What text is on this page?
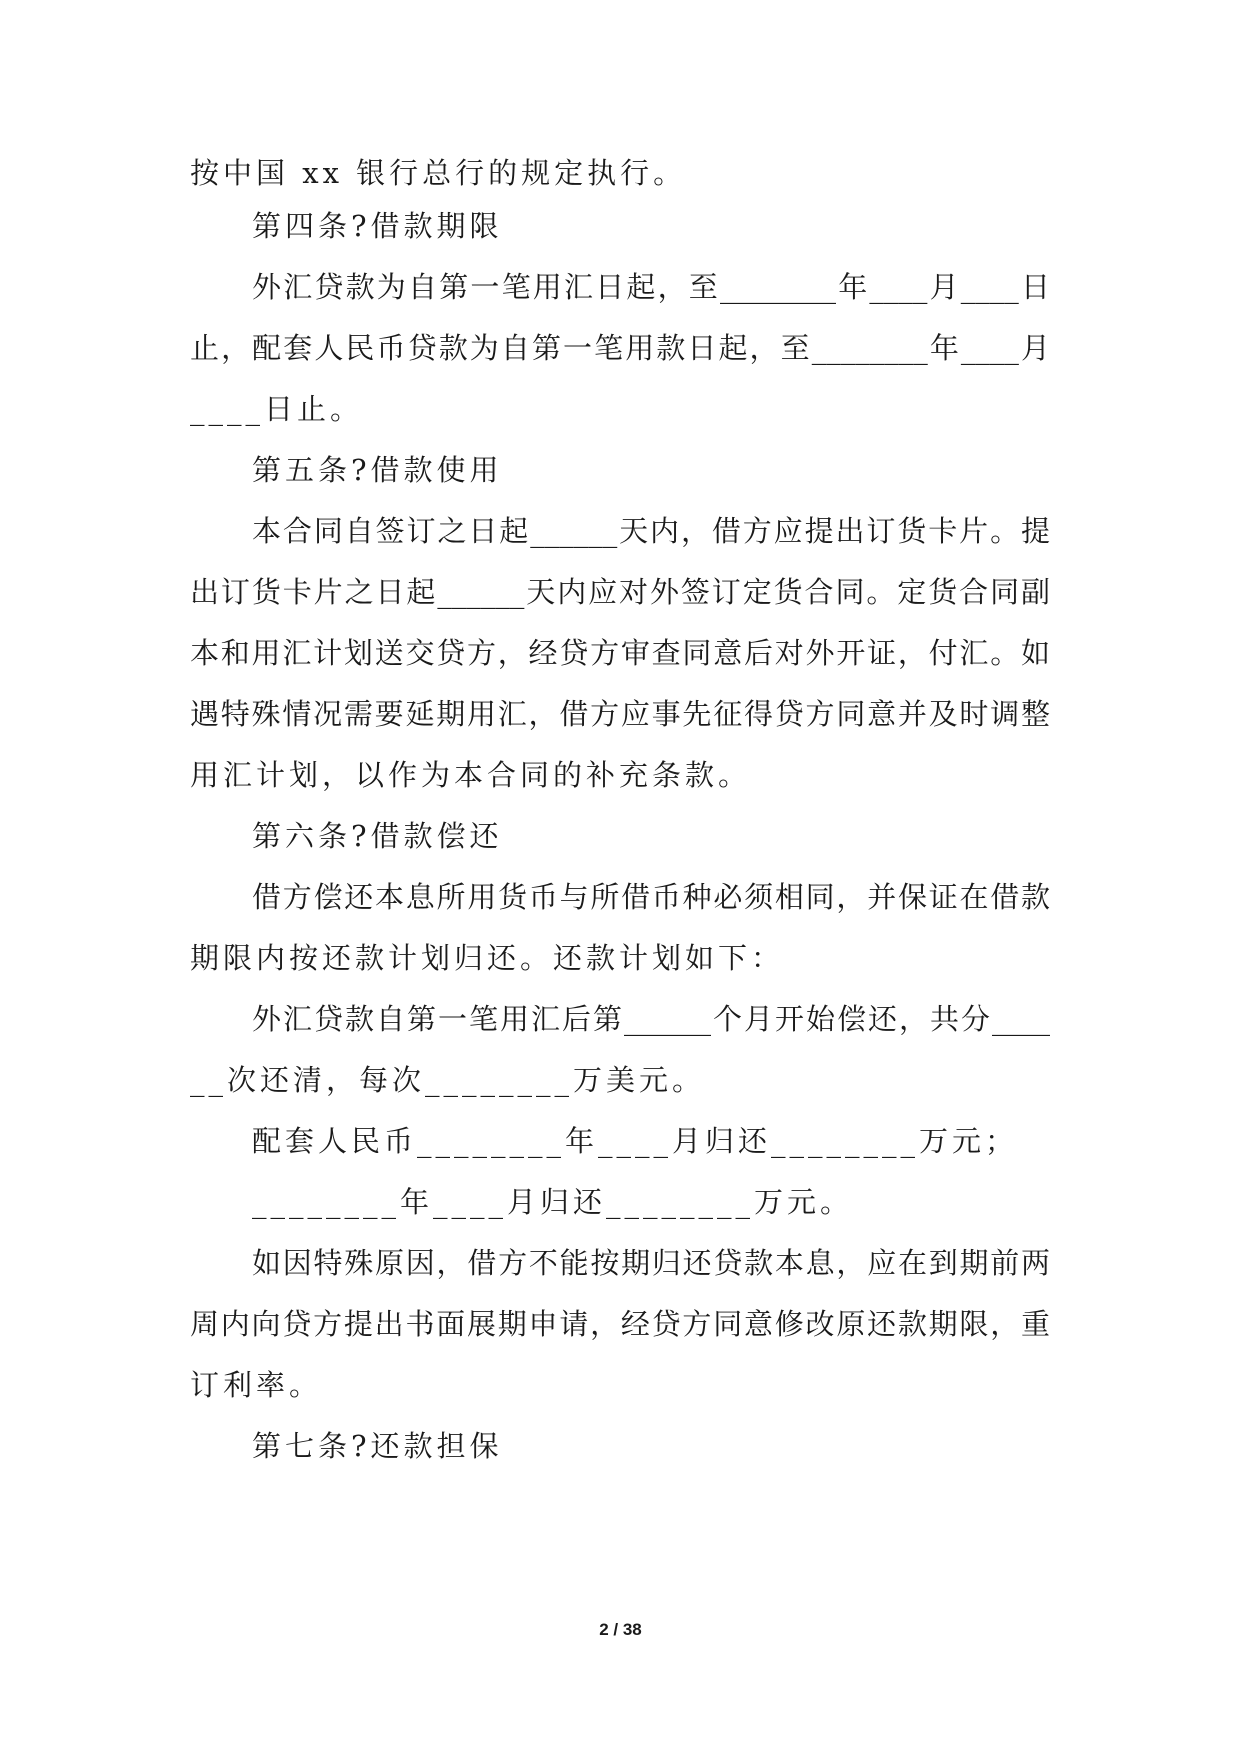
按中国 xx 银行总行的规定执行。
第四条?借款期限
外汇贷款为自第一笔用汇日起，至________年____月____日
止，配套人民币贷款为自第一笔用款日起，至________年____月
____日止。
第五条?借款使用
本合同自签订之日起______天内，借方应提出订货卡片。提
出订货卡片之日起______天内应对外签订定货合同。定货合同副
本和用汇计划送交贷方，经贷方审查同意后对外开证，付汇。如
遇特殊情况需要延期用汇，借方应事先征得贷方同意并及时调整
用汇计划，以作为本合同的补充条款。
第六条?借款偿还
借方偿还本息所用货币与所借币种必须相同，并保证在借款
期限内按还款计划归还。还款计划如下：
外汇贷款自第一笔用汇后第______个月开始偿还，共分____
__次还清，每次________万美元。
配套人民币________年____月归还________万元；
________年____月归还________万元。
如因特殊原因，借方不能按期归还贷款本息，应在到期前两
周内向贷方提出书面展期申请，经贷方同意修改原还款期限，重
订利率。
第七条?还款担保
2 / 38
